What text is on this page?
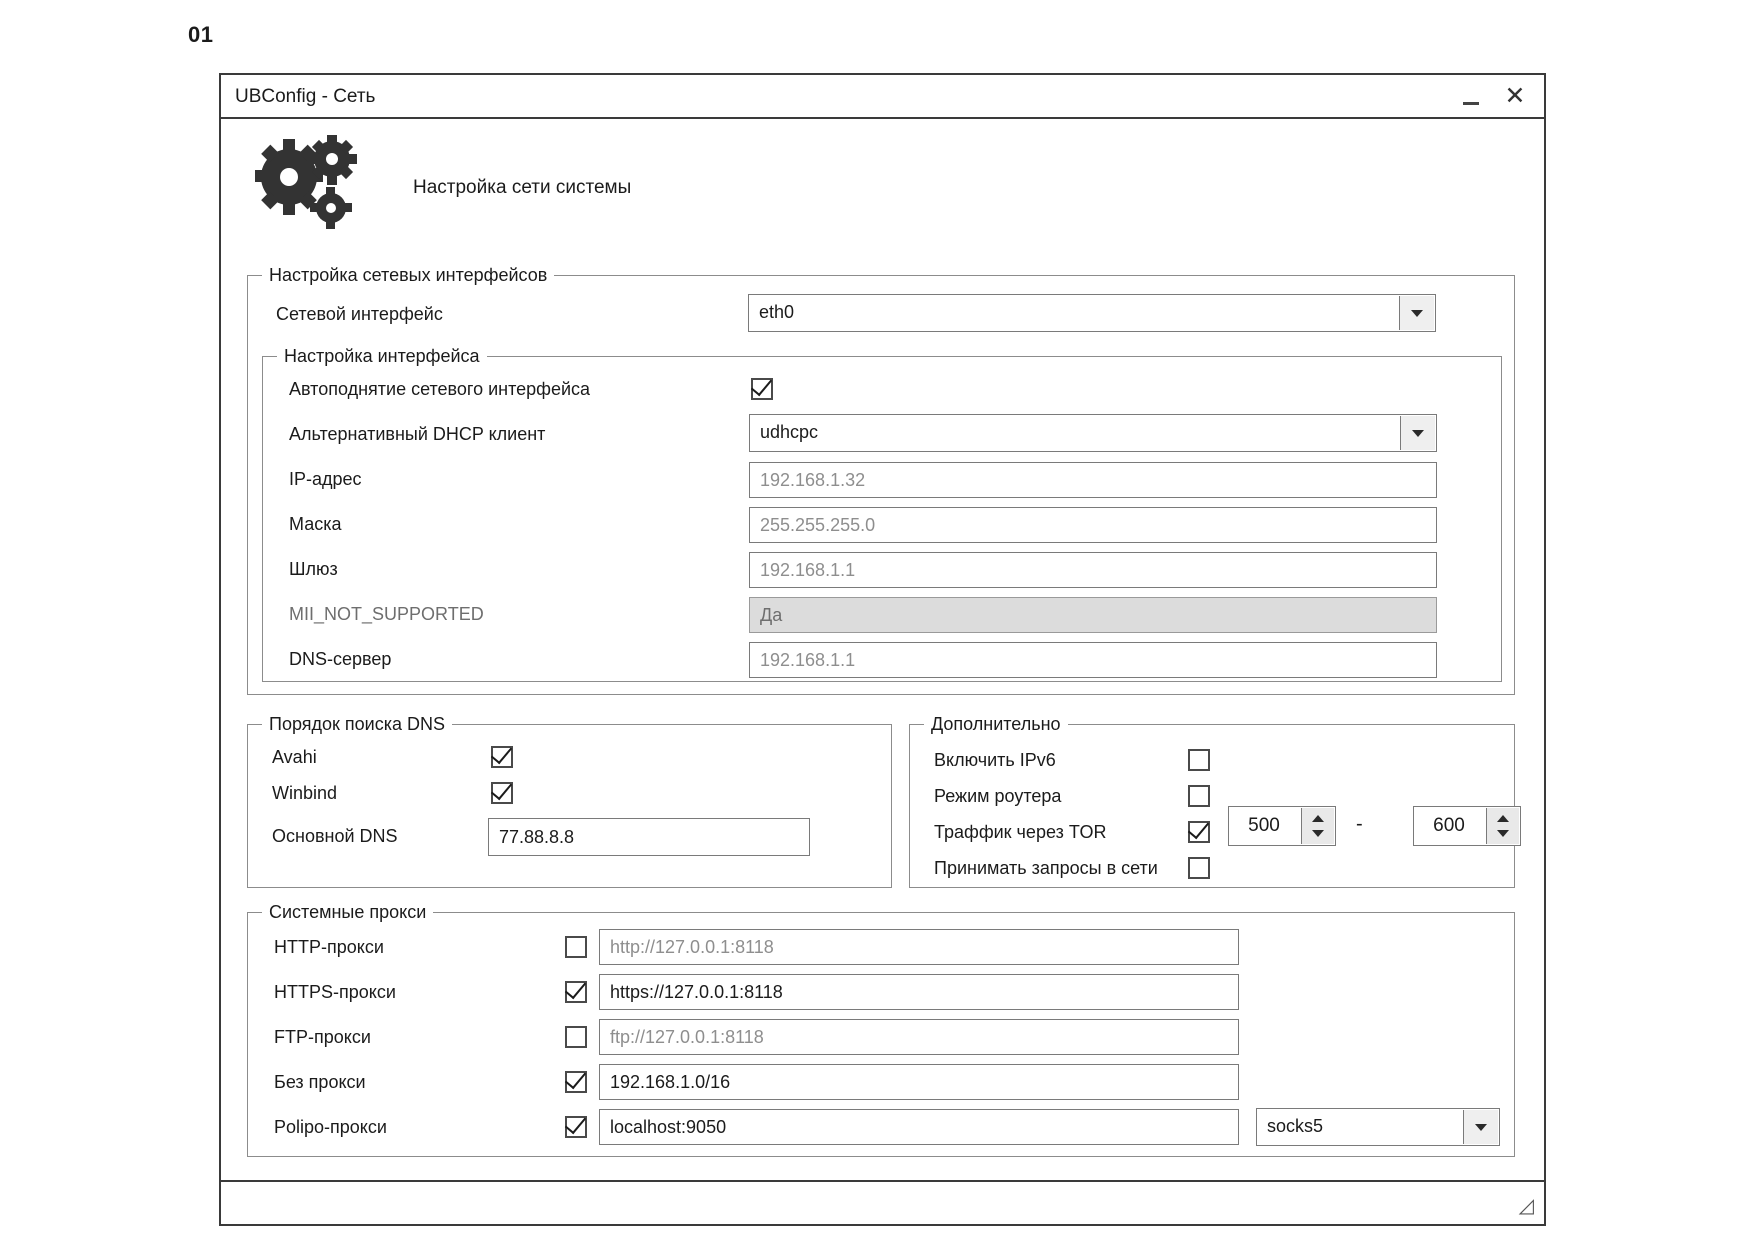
01
UBConfig - Сеть	✕
Настройка сети системы
Настройка сетевых интерфейсов
Сетевой интерфейс	eth0
Настройка интерфейса
Автоподнятие сетевого интерфейса
Альтернативный DHCP клиент	udhcpc
IP-адрес	192.168.1.32
Маска	255.255.255.0
Шлюз	192.168.1.1
MII_NOT_SUPPORTED	Да
DNS-сервер	192.168.1.1
Порядок поиска DNS
Avahi
Winbind
Основной DNS	77.88.8.8
Дополнительно
Включить IPv6
Режим роутера
Траффик через TOR	500	-	600
Принимать запросы в сети
Системные прокси
HTTP-прокси	http://127.0.0.1:8118
HTTPS-прокси	https://127.0.0.1:8118
FTP-прокси	ftp://127.0.0.1:8118
Без прокси	192.168.1.0/16
Polipo-прокси	localhost:9050	socks5
◿
